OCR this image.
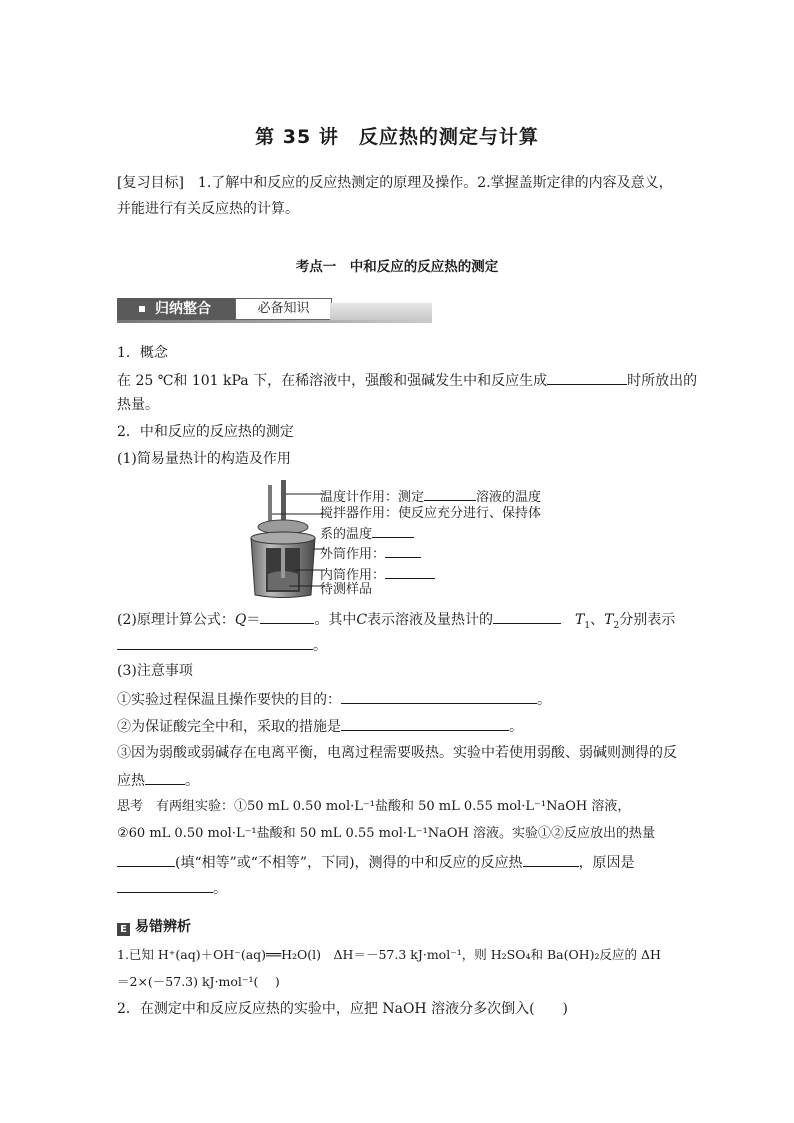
第 35 讲　反应热的测定与计算
[复习目标]　1.了解中和反应的反应热测定的原理及操作。2.掌握盖斯定律的内容及意义，
并能进行有关反应热的计算。
考点一　中和反应的反应热的测定
归纳整合	必备知识
1．概念
在 25 ℃和 101 kPa 下，在稀溶液中，强酸和强碱发生中和反应生成	时所放出的
热量。
2．中和反应的反应热的测定
(1)简易量热计的构造及作用
温度计作用：测定	溶液的温度
搅拌器作用：使反应充分进行、保持体
系的温度
外筒作用：
内筒作用：
待测样品
(2)原理计算公式：Q＝	。其中C表示溶液及量热计的	$T_1$、$T_2$分别表示
。
(3)注意事项
①实验过程保温且操作要快的目的：	。
②为保证酸完全中和，采取的措施是	。
③因为弱酸或弱碱存在电离平衡，电离过程需要吸热。实验中若使用弱酸、弱碱则测得的反
应热	。
思考　有两组实验：①50 mL 0.50 mol·L⁻¹盐酸和 50 mL 0.55 mol·L⁻¹NaOH 溶液，
②60 mL 0.50 mol·L⁻¹盐酸和 50 mL 0.55 mol·L⁻¹NaOH 溶液。实验①②反应放出的热量
(填“相等”或“不相等”，下同)，测得的中和反应的反应热	，原因是
。
E 易错辨析
1.已知 H⁺(aq)＋OH⁻(aq)══H₂O(l)　ΔH＝－57.3 kJ·mol⁻¹，则 H₂SO₄和 Ba(OH)₂反应的 ΔH
＝2×(－57.3) kJ·mol⁻¹(　 )
2．在测定中和反应反应热的实验中，应把 NaOH 溶液分多次倒入(　　)
